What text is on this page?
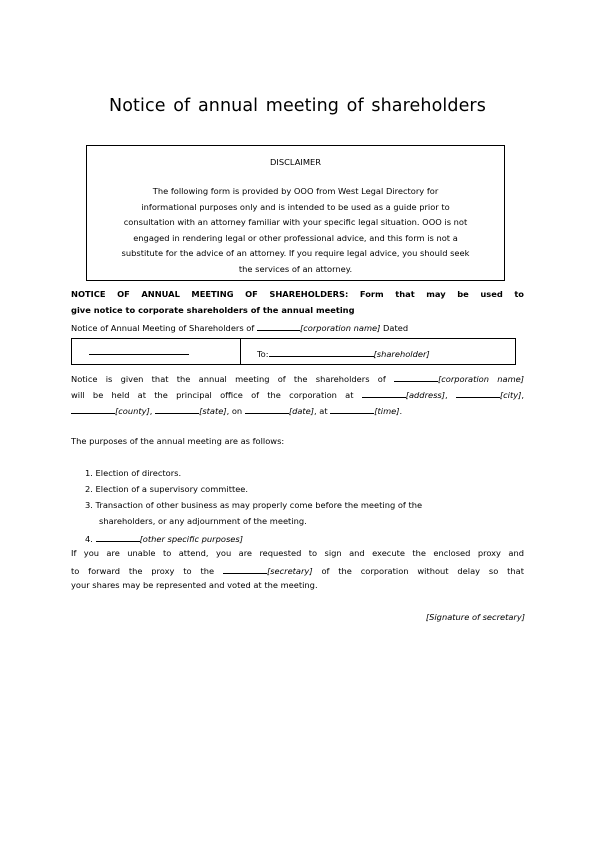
Notice of annual meeting of shareholders
DISCLAIMER
The following form is provided by OOO from West Legal Directory for
informational purposes only and is intended to be used as a guide prior to
consultation with an attorney familiar with your specific legal situation. OOO is not
engaged in rendering legal or other professional advice, and this form is not a
substitute for the advice of an attorney. If you require legal advice, you should seek
the services of an attorney.
NOTICE OF ANNUAL MEETING OF SHAREHOLDERS: Form that may be used to
give notice to corporate shareholders of the annual meeting
Notice of Annual Meeting of Shareholders of	[corporation name] Dated
To:	[shareholder]
Notice is given that the annual meeting of the shareholders of	[corporation name]
will be held at the principal office of the corporation at	[address],	[city],
[county],	[state], on	[date], at	[time].
The purposes of the annual meeting are as follows:
1. Election of directors.
2. Election of a supervisory committee.
3. Transaction of other business as may properly come before the meeting of the
shareholders, or any adjournment of the meeting.
4.	[other specific purposes]
If you are unable to attend, you are requested to sign and execute the enclosed proxy and
to forward the proxy to the	[secretary] of the corporation without delay so that
your shares may be represented and voted at the meeting.
[Signature of secretary]
